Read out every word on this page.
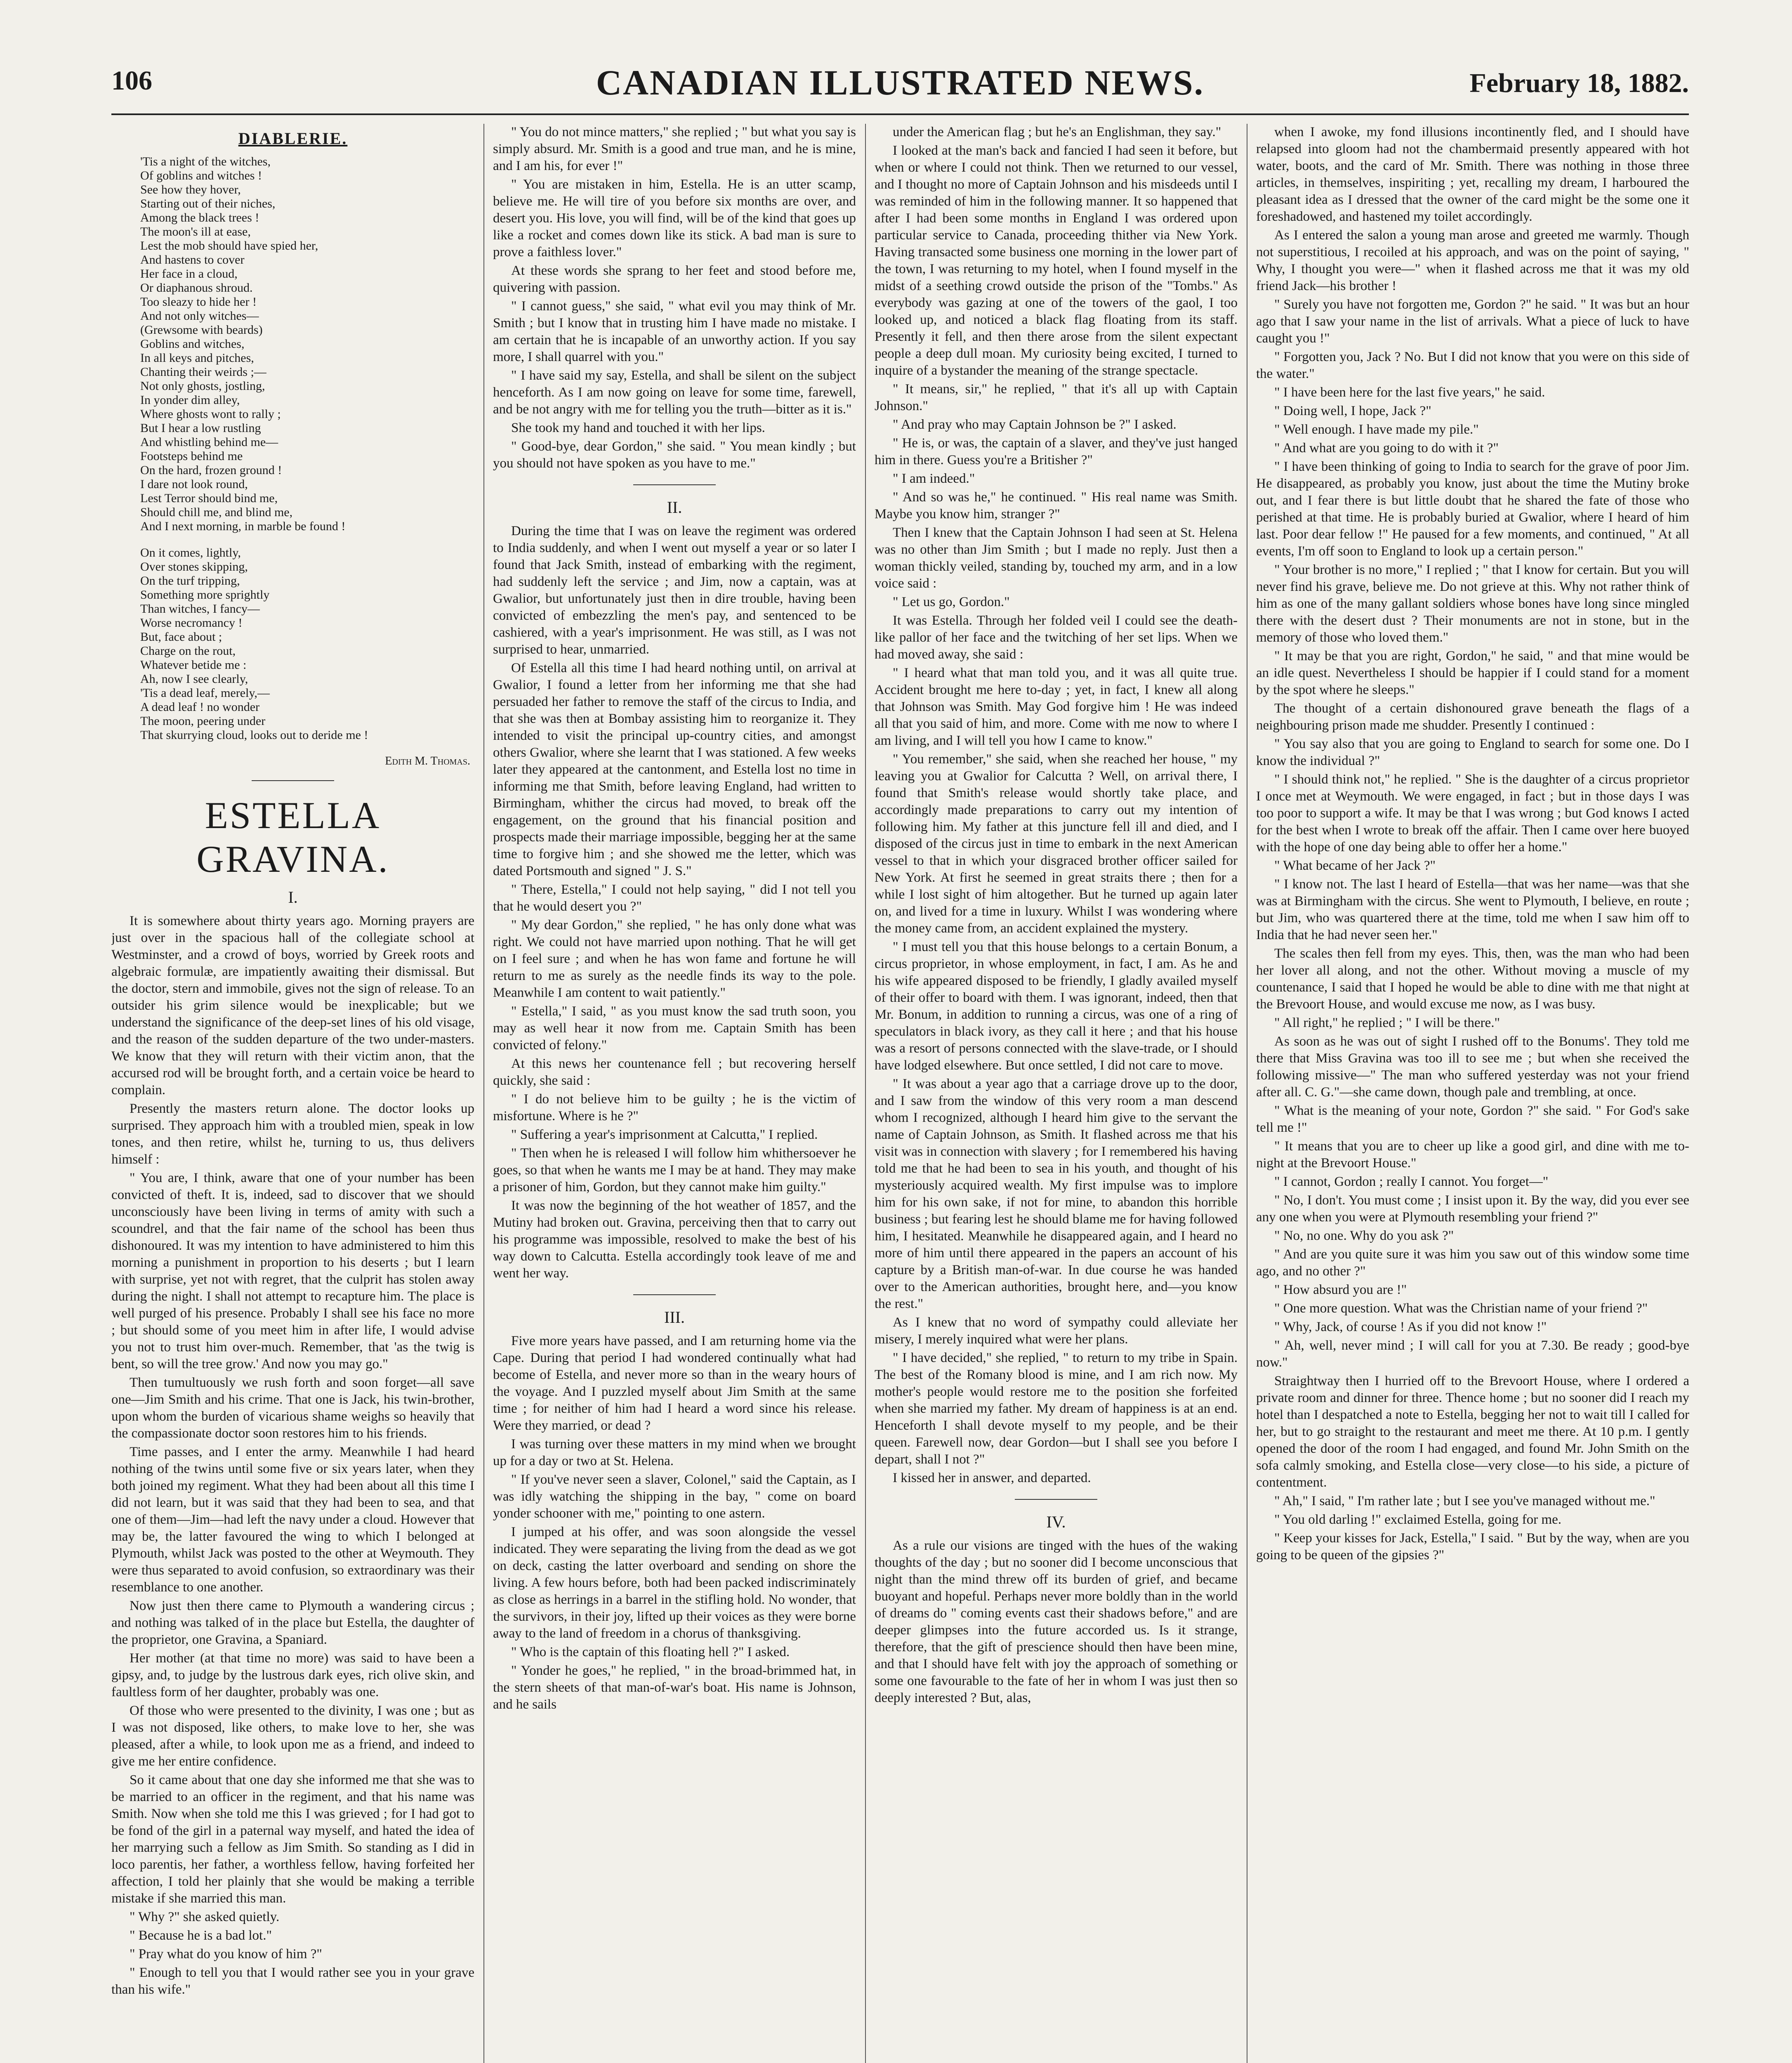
106	CANADIAN ILLUSTRATED NEWS.	February 18, 1882.
DIABLERIE.
'Tis a night of the witches,
Of goblins and witches !
See how they hover,
Starting out of their niches,
Among the black trees !
The moon's ill at ease,
Lest the mob should have spied her,
And hastens to cover
Her face in a cloud,
Or diaphanous shroud.
Too sleazy to hide her !
And not only witches—
(Grewsome with beards)
Goblins and witches,
In all keys and pitches,
Chanting their weirds ;—
Not only ghosts, jostling,
In yonder dim alley,
Where ghosts wont to rally ;
But I hear a low rustling
And whistling behind me—
Footsteps behind me
On the hard, frozen ground !
I dare not look round,
Lest Terror should bind me,
Should chill me, and blind me,
And I next morning, in marble be found !
On it comes, lightly,
Over stones skipping,
On the turf tripping,
Something more sprightly
Than witches, I fancy—
Worse necromancy !
But, face about ;
Charge on the rout,
Whatever betide me :
Ah, now I see clearly,
'Tis a dead leaf, merely,—
A dead leaf ! no wonder
The moon, peering under
That skurrying cloud, looks out to deride me !
Edith M. Thomas.
ESTELLA GRAVINA.
I.

It is somewhere about thirty years ago. Morning prayers are just over in the spacious hall of the collegiate school at Westminster, and a crowd of boys, worried by Greek roots and algebraic formulæ, are impatiently awaiting their dismissal. But the doctor, stern and immobile, gives not the sign of release. To an outsider his grim silence would be inexplicable; but we understand the significance of the deep-set lines of his old visage, and the reason of the sudden departure of the two under-masters. We know that they will return with their victim anon, that the accursed rod will be brought forth, and a certain voice be heard to complain.

Presently the masters return alone. The doctor looks up surprised. They approach him with a troubled mien, speak in low tones, and then retire, whilst he, turning to us, thus delivers himself :

" You are, I think, aware that one of your number has been convicted of theft. It is, indeed, sad to discover that we should unconsciously have been living in terms of amity with such a scoundrel, and that the fair name of the school has been thus dishonoured. It was my intention to have administered to him this morning a punishment in proportion to his deserts ; but I learn with surprise, yet not with regret, that the culprit has stolen away during the night. I shall not attempt to recapture him. The place is well purged of his presence. Probably I shall see his face no more ; but should some of you meet him in after life, I would advise you not to trust him over-much. Remember, that 'as the twig is bent, so will the tree grow.' And now you may go."

Then tumultuously we rush forth and soon forget—all save one—Jim Smith and his crime. That one is Jack, his twin-brother, upon whom the burden of vicarious shame weighs so heavily that the compassionate doctor soon restores him to his friends.

Time passes, and I enter the army. Meanwhile I had heard nothing of the twins until some five or six years later, when they both joined my regiment. What they had been about all this time I did not learn, but it was said that they had been to sea, and that one of them—Jim—had left the navy under a cloud. However that may be, the latter favoured the wing to which I belonged at Plymouth, whilst Jack was posted to the other at Weymouth. They were thus separated to avoid confusion, so extraordinary was their resemblance to one another.

Now just then there came to Plymouth a wandering circus ; and nothing was talked of in the place but Estella, the daughter of the proprietor, one Gravina, a Spaniard.

Her mother (at that time no more) was said to have been a gipsy, and, to judge by the lustrous dark eyes, rich olive skin, and faultless form of her daughter, probably was one.

Of those who were presented to the divinity, I was one ; but as I was not disposed, like others, to make love to her, she was pleased, after a while, to look upon me as a friend, and indeed to give me her entire confidence.

So it came about that one day she informed me that she was to be married to an officer in the regiment, and that his name was Smith. Now when she told me this I was grieved ; for I had got to be fond of the girl in a paternal way myself, and hated the idea of her marrying such a fellow as Jim Smith. So standing as I did in loco parentis, her father, a worthless fellow, having forfeited her affection, I told her plainly that she would be making a terrible mistake if she married this man.

" Why ?" she asked quietly.

" Because he is a bad lot."

" Pray what do you know of him ?"

" Enough to tell you that I would rather see you in your grave than his wife."

" You do not mince matters," she replied ; " but what you say is simply absurd. Mr. Smith is a good and true man, and he is mine, and I am his, for ever !"

" You are mistaken in him, Estella. He is an utter scamp, believe me. He will tire of you before six months are over, and desert you. His love, you will find, will be of the kind that goes up like a rocket and comes down like its stick. A bad man is sure to prove a faithless lover."

At these words she sprang to her feet and stood before me, quivering with passion.

" I cannot guess," she said, " what evil you may think of Mr. Smith ; but I know that in trusting him I have made no mistake. I am certain that he is incapable of an unworthy action. If you say more, I shall quarrel with you."

" I have said my say, Estella, and shall be silent on the subject henceforth. As I am now going on leave for some time, farewell, and be not angry with me for telling you the truth—bitter as it is."

She took my hand and touched it with her lips.

" Good-bye, dear Gordon," she said. " You mean kindly ; but you should not have spoken as you have to me."

II.

During the time that I was on leave the regiment was ordered to India suddenly, and when I went out myself a year or so later I found that Jack Smith, instead of embarking with the regiment, had suddenly left the service ; and Jim, now a captain, was at Gwalior, but unfortunately just then in dire trouble, having been convicted of embezzling the men's pay, and sentenced to be cashiered, with a year's imprisonment. He was still, as I was not surprised to hear, unmarried.

Of Estella all this time I had heard nothing until, on arrival at Gwalior, I found a letter from her informing me that she had persuaded her father to remove the staff of the circus to India, and that she was then at Bombay assisting him to reorganize it. They intended to visit the principal up-country cities, and amongst others Gwalior, where she learnt that I was stationed. A few weeks later they appeared at the cantonment, and Estella lost no time in informing me that Smith, before leaving England, had written to Birmingham, whither the circus had moved, to break off the engagement, on the ground that his financial position and prospects made their marriage impossible, begging her at the same time to forgive him ; and she showed me the letter, which was dated Portsmouth and signed " J. S."

" There, Estella," I could not help saying, " did I not tell you that he would desert you ?"

" My dear Gordon," she replied, " he has only done what was right. We could not have married upon nothing. That he will get on I feel sure ; and when he has won fame and fortune he will return to me as surely as the needle finds its way to the pole. Meanwhile I am content to wait patiently."

" Estella," I said, " as you must know the sad truth soon, you may as well hear it now from me. Captain Smith has been convicted of felony."

At this news her countenance fell ; but recovering herself quickly, she said :

" I do not believe him to be guilty ; he is the victim of misfortune. Where is he ?"

" Suffering a year's imprisonment at Calcutta," I replied.

" Then when he is released I will follow him whithersoever he goes, so that when he wants me I may be at hand. They may make a prisoner of him, Gordon, but they cannot make him guilty."

It was now the beginning of the hot weather of 1857, and the Mutiny had broken out. Gravina, perceiving then that to carry out his programme was impossible, resolved to make the best of his way down to Calcutta. Estella accordingly took leave of me and went her way.

III.

Five more years have passed, and I am returning home via the Cape. During that period I had wondered continually what had become of Estella, and never more so than in the weary hours of the voyage. And I puzzled myself about Jim Smith at the same time ; for neither of him had I heard a word since his release. Were they married, or dead ?

I was turning over these matters in my mind when we brought up for a day or two at St. Helena.

" If you've never seen a slaver, Colonel," said the Captain, as I was idly watching the shipping in the bay, " come on board yonder schooner with me," pointing to one astern.

I jumped at his offer, and was soon alongside the vessel indicated. They were separating the living from the dead as we got on deck, casting the latter overboard and sending on shore the living. A few hours before, both had been packed indiscriminately as close as herrings in a barrel in the stifling hold. No wonder, that the survivors, in their joy, lifted up their voices as they were borne away to the land of freedom in a chorus of thanksgiving.

" Who is the captain of this floating hell ?" I asked.

" Yonder he goes," he replied, " in the broad-brimmed hat, in the stern sheets of that man-of-war's boat. His name is Johnson, and he sails

under the American flag ; but he's an Englishman, they say."

I looked at the man's back and fancied I had seen it before, but when or where I could not think. Then we returned to our vessel, and I thought no more of Captain Johnson and his misdeeds until I was reminded of him in the following manner. It so happened that after I had been some months in England I was ordered upon particular service to Canada, proceeding thither via New York. Having transacted some business one morning in the lower part of the town, I was returning to my hotel, when I found myself in the midst of a seething crowd outside the prison of the "Tombs." As everybody was gazing at one of the towers of the gaol, I too looked up, and noticed a black flag floating from its staff. Presently it fell, and then there arose from the silent expectant people a deep dull moan. My curiosity being excited, I turned to inquire of a bystander the meaning of the strange spectacle.

" It means, sir," he replied, " that it's all up with Captain Johnson."

" And pray who may Captain Johnson be ?" I asked.

" He is, or was, the captain of a slaver, and they've just hanged him in there. Guess you're a Britisher ?"

" I am indeed."

" And so was he," he continued. " His real name was Smith. Maybe you know him, stranger ?"

Then I knew that the Captain Johnson I had seen at St. Helena was no other than Jim Smith ; but I made no reply. Just then a woman thickly veiled, standing by, touched my arm, and in a low voice said :

" Let us go, Gordon."

It was Estella. Through her folded veil I could see the death-like pallor of her face and the twitching of her set lips. When we had moved away, she said :

" I heard what that man told you, and it was all quite true. Accident brought me here to-day ; yet, in fact, I knew all along that Johnson was Smith. May God forgive him ! He was indeed all that you said of him, and more. Come with me now to where I am living, and I will tell you how I came to know."

" You remember," she said, when she reached her house, " my leaving you at Gwalior for Calcutta ? Well, on arrival there, I found that Smith's release would shortly take place, and accordingly made preparations to carry out my intention of following him. My father at this juncture fell ill and died, and I disposed of the circus just in time to embark in the next American vessel to that in which your disgraced brother officer sailed for New York. At first he seemed in great straits there ; then for a while I lost sight of him altogether. But he turned up again later on, and lived for a time in luxury. Whilst I was wondering where the money came from, an accident explained the mystery.

" I must tell you that this house belongs to a certain Bonum, a circus proprietor, in whose employment, in fact, I am. As he and his wife appeared disposed to be friendly, I gladly availed myself of their offer to board with them. I was ignorant, indeed, then that Mr. Bonum, in addition to running a circus, was one of a ring of speculators in black ivory, as they call it here ; and that his house was a resort of persons connected with the slave-trade, or I should have lodged elsewhere. But once settled, I did not care to move.

" It was about a year ago that a carriage drove up to the door, and I saw from the window of this very room a man descend whom I recognized, although I heard him give to the servant the name of Captain Johnson, as Smith. It flashed across me that his visit was in connection with slavery ; for I remembered his having told me that he had been to sea in his youth, and thought of his mysteriously acquired wealth. My first impulse was to implore him for his own sake, if not for mine, to abandon this horrible business ; but fearing lest he should blame me for having followed him, I hesitated. Meanwhile he disappeared again, and I heard no more of him until there appeared in the papers an account of his capture by a British man-of-war. In due course he was handed over to the American authorities, brought here, and—you know the rest."

As I knew that no word of sympathy could alleviate her misery, I merely inquired what were her plans.

" I have decided," she replied, " to return to my tribe in Spain. The best of the Romany blood is mine, and I am rich now. My mother's people would restore me to the position she forfeited when she married my father. My dream of happiness is at an end. Henceforth I shall devote myself to my people, and be their queen. Farewell now, dear Gordon—but I shall see you before I depart, shall I not ?"

I kissed her in answer, and departed.

IV.

As a rule our visions are tinged with the hues of the waking thoughts of the day ; but no sooner did I become unconscious that night than the mind threw off its burden of grief, and became buoyant and hopeful. Perhaps never more boldly than in the world of dreams do " coming events cast their shadows before," and are deeper glimpses into the future accorded us. Is it strange, therefore, that the gift of prescience should then have been mine, and that I should have felt with joy the approach of something or some one favourable to the fate of her in whom I was just then so deeply interested ? But, alas,

when I awoke, my fond illusions incontinently fled, and I should have relapsed into gloom had not the chambermaid presently appeared with hot water, boots, and the card of Mr. Smith. There was nothing in those three articles, in themselves, inspiriting ; yet, recalling my dream, I harboured the pleasant idea as I dressed that the owner of the card might be the some one it foreshadowed, and hastened my toilet accordingly.

As I entered the salon a young man arose and greeted me warmly. Though not superstitious, I recoiled at his approach, and was on the point of saying, " Why, I thought you were—" when it flashed across me that it was my old friend Jack—his brother !

" Surely you have not forgotten me, Gordon ?" he said. " It was but an hour ago that I saw your name in the list of arrivals. What a piece of luck to have caught you !"

" Forgotten you, Jack ? No. But I did not know that you were on this side of the water."

" I have been here for the last five years," he said.

" Doing well, I hope, Jack ?"

" Well enough. I have made my pile."

" And what are you going to do with it ?"

" I have been thinking of going to India to search for the grave of poor Jim. He disappeared, as probably you know, just about the time the Mutiny broke out, and I fear there is but little doubt that he shared the fate of those who perished at that time. He is probably buried at Gwalior, where I heard of him last. Poor dear fellow !" He paused for a few moments, and continued, " At all events, I'm off soon to England to look up a certain person."

" Your brother is no more," I replied ; " that I know for certain. But you will never find his grave, believe me. Do not grieve at this. Why not rather think of him as one of the many gallant soldiers whose bones have long since mingled there with the desert dust ? Their monuments are not in stone, but in the memory of those who loved them."

" It may be that you are right, Gordon," he said, " and that mine would be an idle quest. Nevertheless I should be happier if I could stand for a moment by the spot where he sleeps."

The thought of a certain dishonoured grave beneath the flags of a neighbouring prison made me shudder. Presently I continued :

" You say also that you are going to England to search for some one. Do I know the individual ?"

" I should think not," he replied. " She is the daughter of a circus proprietor I once met at Weymouth. We were engaged, in fact ; but in those days I was too poor to support a wife. It may be that I was wrong ; but God knows I acted for the best when I wrote to break off the affair. Then I came over here buoyed with the hope of one day being able to offer her a home."

" What became of her Jack ?"

" I know not. The last I heard of Estella—that was her name—was that she was at Birmingham with the circus. She went to Plymouth, I believe, en route ; but Jim, who was quartered there at the time, told me when I saw him off to India that he had never seen her."

The scales then fell from my eyes. This, then, was the man who had been her lover all along, and not the other. Without moving a muscle of my countenance, I said that I hoped he would be able to dine with me that night at the Brevoort House, and would excuse me now, as I was busy.

" All right," he replied ; " I will be there."

As soon as he was out of sight I rushed off to the Bonums'. They told me there that Miss Gravina was too ill to see me ; but when she received the following missive—" The man who suffered yesterday was not your friend after all. C. G."—she came down, though pale and trembling, at once.

" What is the meaning of your note, Gordon ?" she said. " For God's sake tell me !"

" It means that you are to cheer up like a good girl, and dine with me to-night at the Brevoort House."

" I cannot, Gordon ; really I cannot. You forget—"

" No, I don't. You must come ; I insist upon it. By the way, did you ever see any one when you were at Plymouth resembling your friend ?"

" No, no one. Why do you ask ?"

" And are you quite sure it was him you saw out of this window some time ago, and no other ?"

" How absurd you are !"

" One more question. What was the Christian name of your friend ?"

" Why, Jack, of course ! As if you did not know !"

" Ah, well, never mind ; I will call for you at 7.30. Be ready ; good-bye now."

Straightway then I hurried off to the Brevoort House, where I ordered a private room and dinner for three. Thence home ; but no sooner did I reach my hotel than I despatched a note to Estella, begging her not to wait till I called for her, but to go straight to the restaurant and meet me there. At 10 p.m. I gently opened the door of the room I had engaged, and found Mr. John Smith on the sofa calmly smoking, and Estella close—very close—to his side, a picture of contentment.

" Ah," I said, " I'm rather late ; but I see you've managed without me."

" You old darling !" exclaimed Estella, going for me.

" Keep your kisses for Jack, Estella," I said. " But by the way, when are you going to be queen of the gipsies ?"
